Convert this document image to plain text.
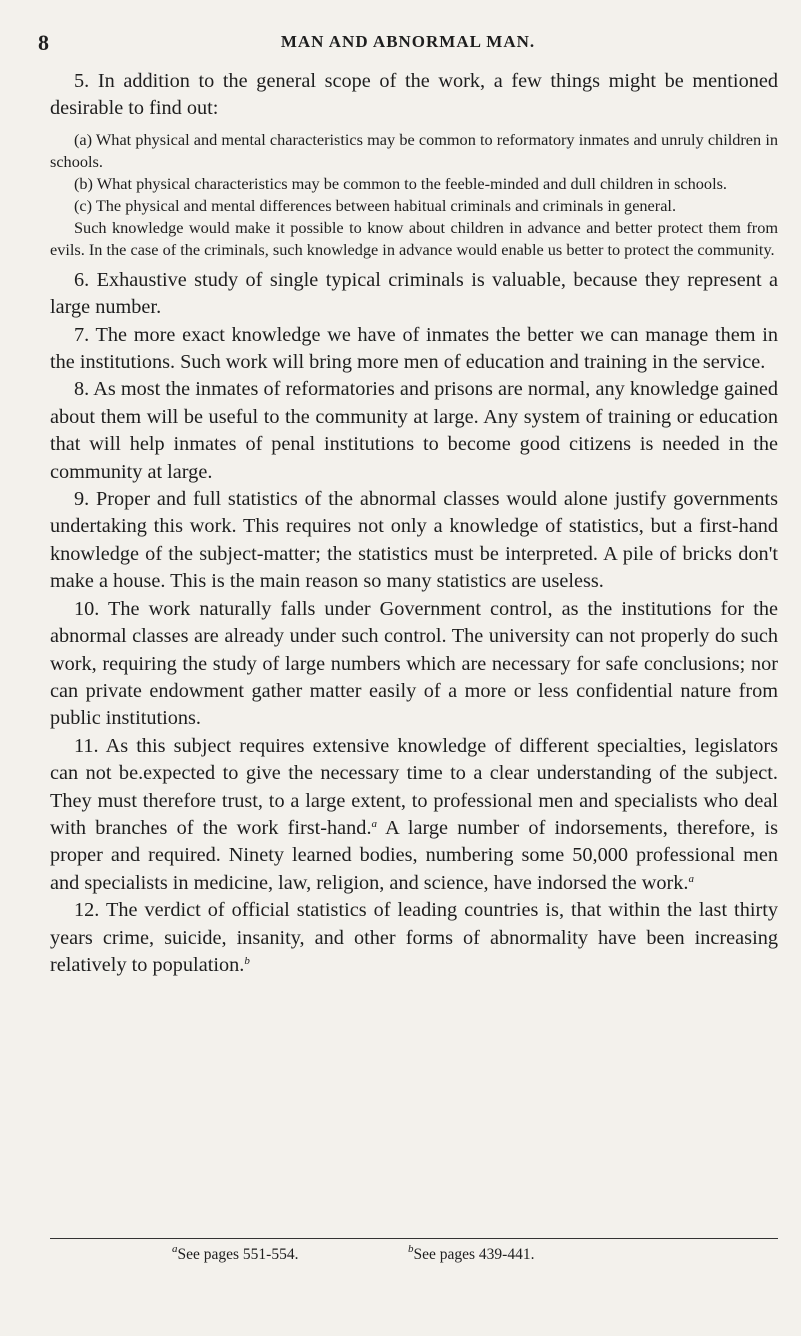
8	MAN AND ABNORMAL MAN.

5. In addition to the general scope of the work, a few things might be mentioned desirable to find out:

(a) What physical and mental characteristics may be common to reformatory inmates and unruly children in schools.

(b) What physical characteristics may be common to the feeble-minded and dull children in schools.

(c) The physical and mental differences between habitual criminals and criminals in general.

Such knowledge would make it possible to know about children in advance and better protect them from evils. In the case of the criminals, such knowledge in advance would enable us better to protect the community.

6. Exhaustive study of single typical criminals is valuable, because they represent a large number.

7. The more exact knowledge we have of inmates the better we can manage them in the institutions. Such work will bring more men of education and training in the service.

8. As most the inmates of reformatories and prisons are normal, any knowledge gained about them will be useful to the community at large. Any system of training or education that will help inmates of penal institutions to become good citizens is needed in the community at large.

9. Proper and full statistics of the abnormal classes would alone justify governments undertaking this work. This requires not only a knowledge of statistics, but a first-hand knowledge of the subject-matter; the statistics must be interpreted. A pile of bricks don't make a house. This is the main reason so many statistics are useless.

10. The work naturally falls under Government control, as the institutions for the abnormal classes are already under such control. The university can not properly do such work, requiring the study of large numbers which are necessary for safe conclusions; nor can private endowment gather matter easily of a more or less confidential nature from public institutions.

11. As this subject requires extensive knowledge of different specialties, legislators can not be.expected to give the necessary time to a clear understanding of the subject. They must therefore trust, to a large extent, to professional men and specialists who deal with branches of the work first-hand.$^a$ A large number of indorsements, therefore, is proper and required. Ninety learned bodies, numbering some 50,000 professional men and specialists in medicine, law, religion, and science, have indorsed the work.$^a$

12. The verdict of official statistics of leading countries is, that within the last thirty years crime, suicide, insanity, and other forms of abnormality have been increasing relatively to population.$^b$

$^a$See pages 551-554.	$^b$See pages 439-441.
